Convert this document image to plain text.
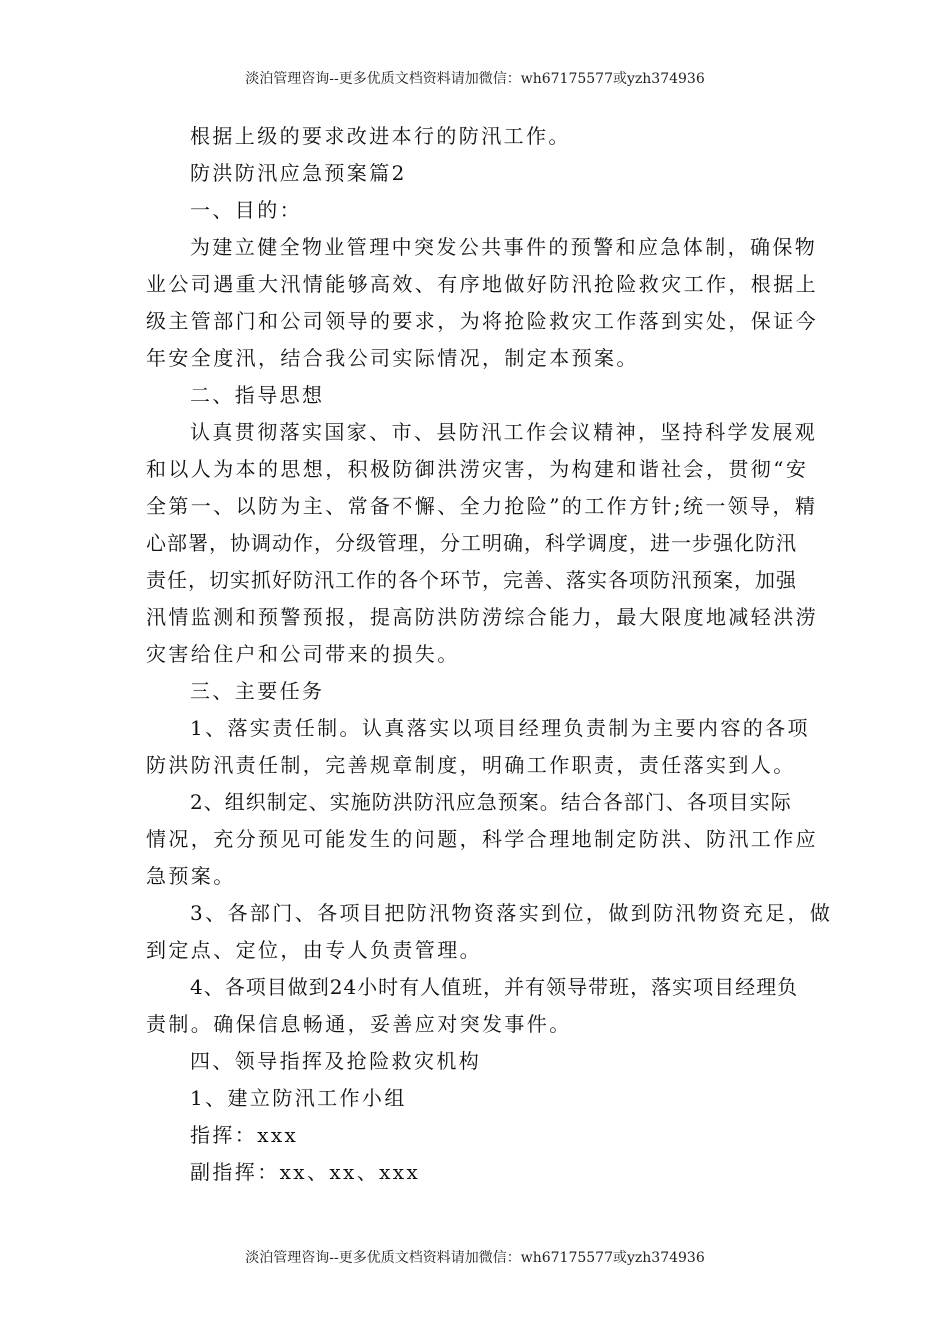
淡泊管理咨询--更多优质文档资料请加微信：wh67175577或yzh374936
根据上级的要求改进本行的防汛工作。
防洪防汛应急预案篇2
一、目的：
为建立健全物业管理中突发公共事件的预警和应急体制，确保物
业公司遇重大汛情能够高效、有序地做好防汛抢险救灾工作，根据上
级主管部门和公司领导的要求，为将抢险救灾工作落到实处，保证今
年安全度汛，结合我公司实际情况，制定本预案。
二、指导思想
认真贯彻落实国家、市、县防汛工作会议精神，坚持科学发展观
和以人为本的思想，积极防御洪涝灾害，为构建和谐社会，贯彻“安
全第一、以防为主、常备不懈、全力抢险”的工作方针;统一领导，精
心部署，协调动作，分级管理，分工明确，科学调度，进一步强化防汛
责任，切实抓好防汛工作的各个环节，完善、落实各项防汛预案，加强
汛情监测和预警预报，提高防洪防涝综合能力，最大限度地减轻洪涝
灾害给住户和公司带来的损失。
三、主要任务
1、落实责任制。认真落实以项目经理负责制为主要内容的各项
防洪防汛责任制，完善规章制度，明确工作职责，责任落实到人。
2、组织制定、实施防洪防汛应急预案。结合各部门、各项目实际
情况，充分预见可能发生的问题，科学合理地制定防洪、防汛工作应
急预案。
3、各部门、各项目把防汛物资落实到位，做到防汛物资充足，做
到定点、定位，由专人负责管理。
4、各项目做到24小时有人值班，并有领导带班，落实项目经理负
责制。确保信息畅通，妥善应对突发事件。
四、领导指挥及抢险救灾机构
1、建立防汛工作小组
指挥：xxx
副指挥：xx、xx、xxx
淡泊管理咨询--更多优质文档资料请加微信：wh67175577或yzh374936
